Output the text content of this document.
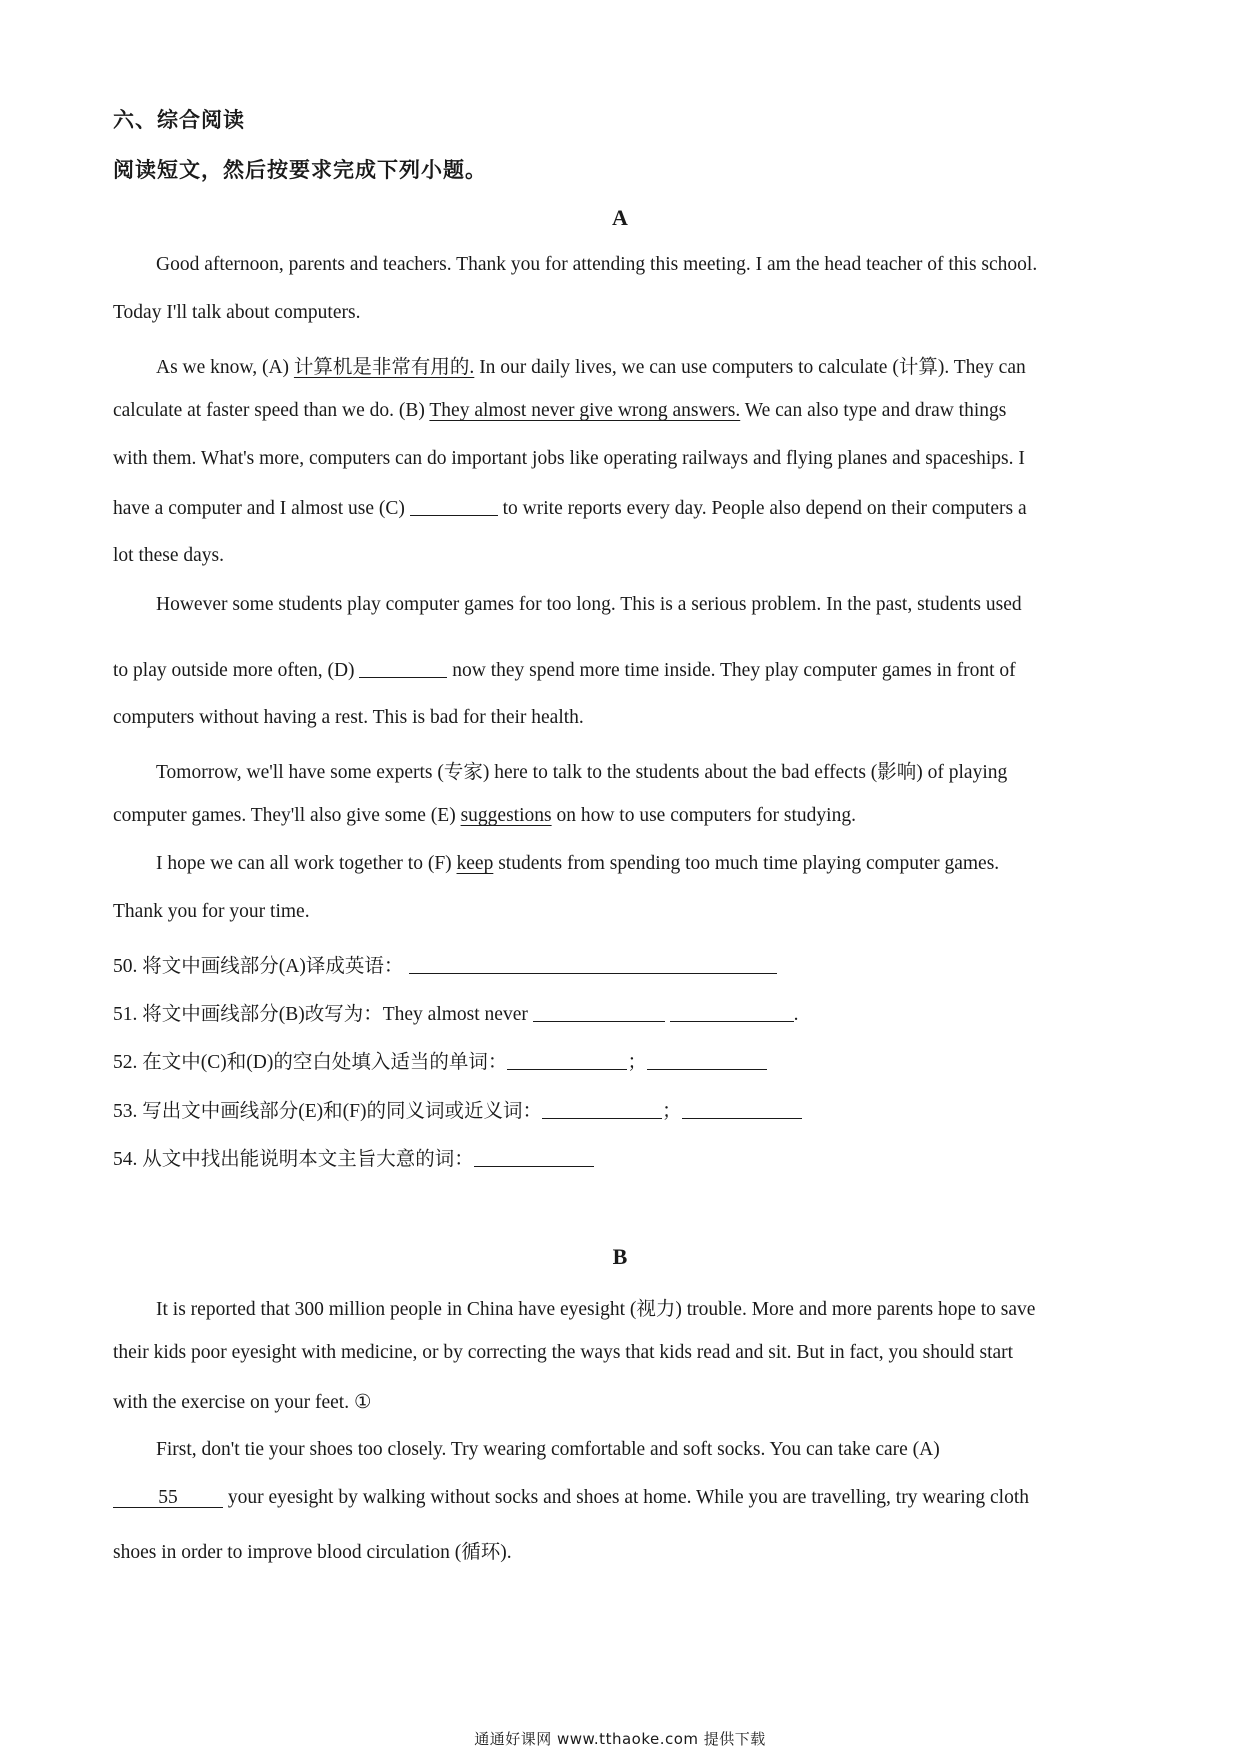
六、综合阅读
阅读短文，然后按要求完成下列小题。
A
Good afternoon, parents and teachers. Thank you for attending this meeting. I am the head teacher of this school.
Today I'll talk about computers.
As we know, (A) 计算机是非常有用的. In our daily lives, we can use computers to calculate (计算). They can
calculate at faster speed than we do. (B) They almost never give wrong answers. We can also type and draw things
with them. What's more, computers can do important jobs like operating railways and flying planes and spaceships. I
have a computer and I almost use (C)	to write reports every day. People also depend on their computers a
lot these days.
However some students play computer games for too long. This is a serious problem. In the past, students used
to play outside more often, (D)	now they spend more time inside. They play computer games in front of
computers without having a rest. This is bad for their health.
Tomorrow, we'll have some experts (专家) here to talk to the students about the bad effects (影响) of playing
computer games. They'll also give some (E) suggestions on how to use computers for studying.
I hope we can all work together to (F) keep students from spending too much time playing computer games.
Thank you for your time.
50. 将文中画线部分(A)译成英语：
51. 将文中画线部分(B)改写为：They almost never	.
52. 在文中(C)和(D)的空白处填入适当的单词：	；
53. 写出文中画线部分(E)和(F)的同义词或近义词：	；
54. 从文中找出能说明本文主旨大意的词：
B
It is reported that 300 million people in China have eyesight (视力) trouble. More and more parents hope to save
their kids poor eyesight with medicine, or by correcting the ways that kids read and sit. But in fact, you should start
with the exercise on your feet. ①
First, don't tie your shoes too closely. Try wearing comfortable and soft socks. You can take care (A)
55 your eyesight by walking without socks and shoes at home. While you are travelling, try wearing cloth
shoes in order to improve blood circulation (循环).
通通好课网 www.tthaoke.com 提供下载
